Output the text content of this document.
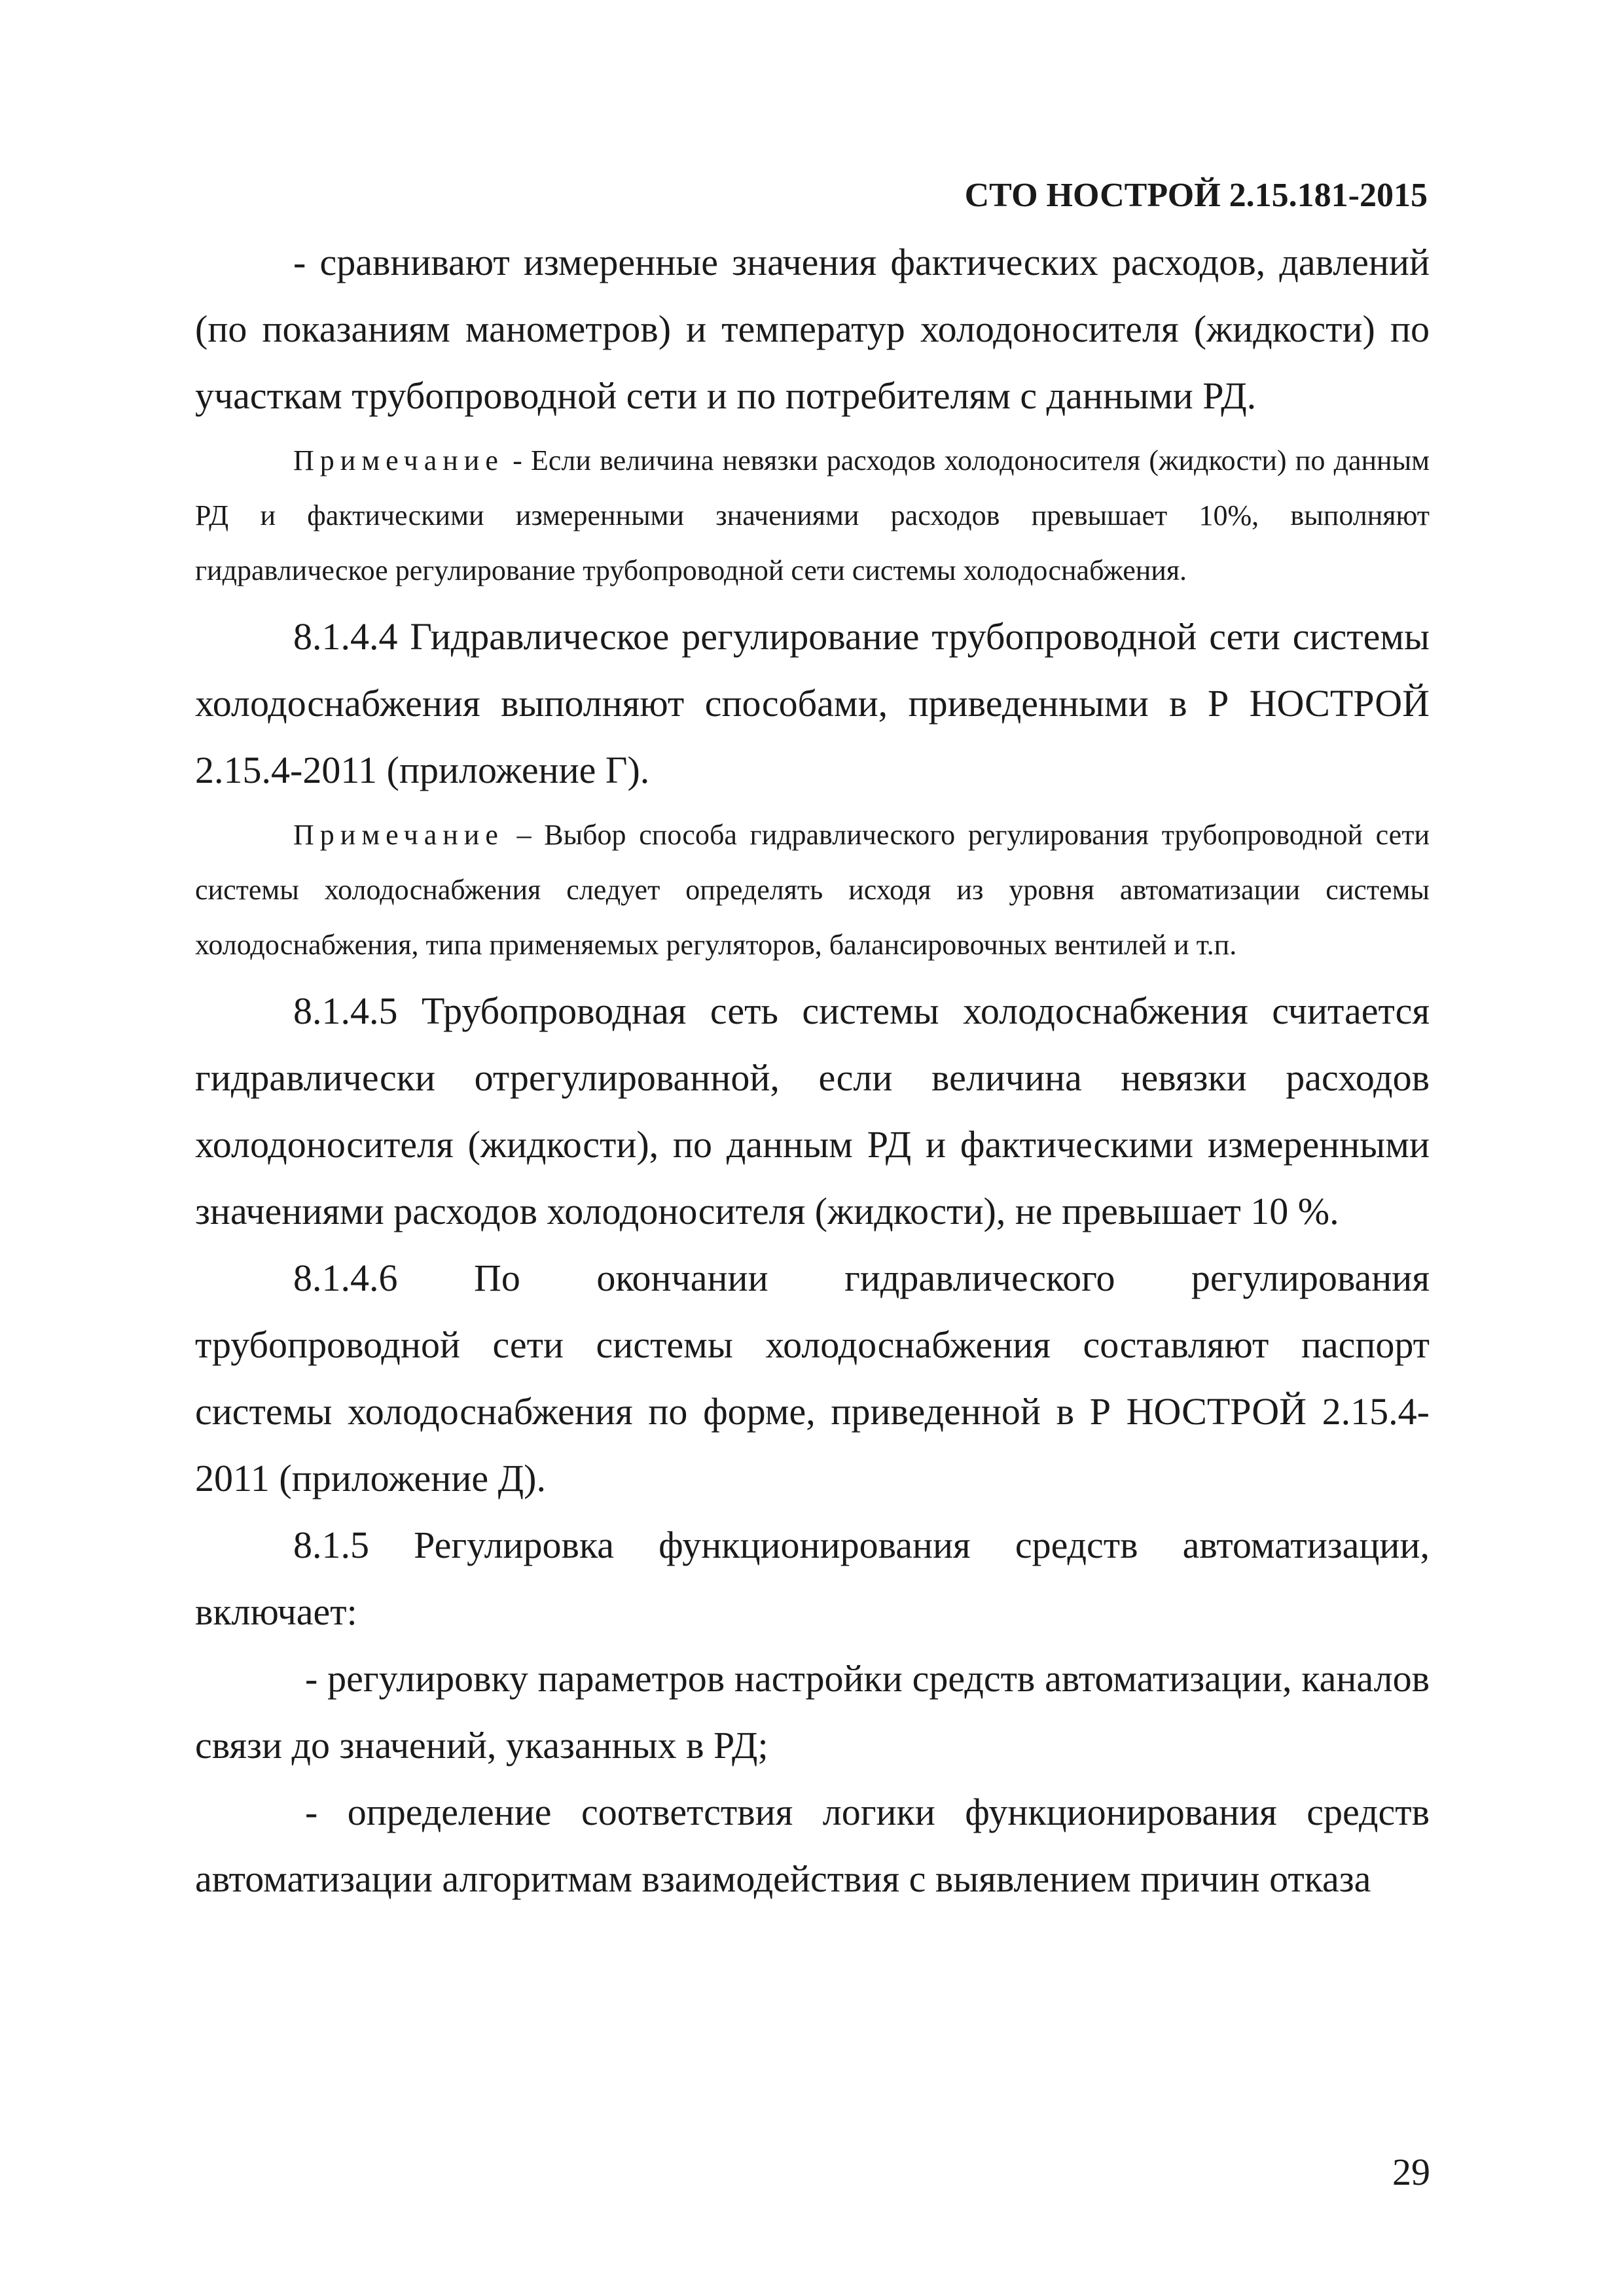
СТО НОСТРОЙ 2.15.181-2015

- сравнивают измеренные значения фактических расходов, давлений (по показаниям манометров) и температур холодоносителя (жидкости) по участкам трубопроводной сети и по потребителям с данными РД.

Примечание - Если величина невязки расходов холодоносителя (жидкости) по данным РД и фактическими измеренными значениями расходов превышает 10%, выполняют гидравлическое регулирование трубопроводной сети системы холодоснабжения.

8.1.4.4 Гидравлическое регулирование трубопроводной сети системы холодоснабжения выполняют способами, приведенными в Р НОСТРОЙ 2.15.4-2011 (приложение Г).

Примечание – Выбор способа гидравлического регулирования трубопроводной сети системы холодоснабжения следует определять исходя из уровня автоматизации системы холодоснабжения, типа применяемых регуляторов, балансировочных вентилей и т.п.

8.1.4.5 Трубопроводная сеть системы холодоснабжения считается гидравлически отрегулированной, если величина невязки расходов холодоносителя (жидкости), по данным РД и фактическими измеренными значениями расходов холодоносителя (жидкости), не превышает 10 %.

8.1.4.6 По окончании гидравлического регулирования трубопроводной сети системы холодоснабжения составляют паспорт системы холодоснабжения по форме, приведенной в Р НОСТРОЙ 2.15.4-2011 (приложение Д).

8.1.5 Регулировка функционирования средств автоматизации, включает:

- регулировку параметров настройки средств автоматизации, каналов связи до значений, указанных в РД;

- определение соответствия логики функционирования средств автоматизации алгоритмам взаимодействия с выявлением причин отказа

29
